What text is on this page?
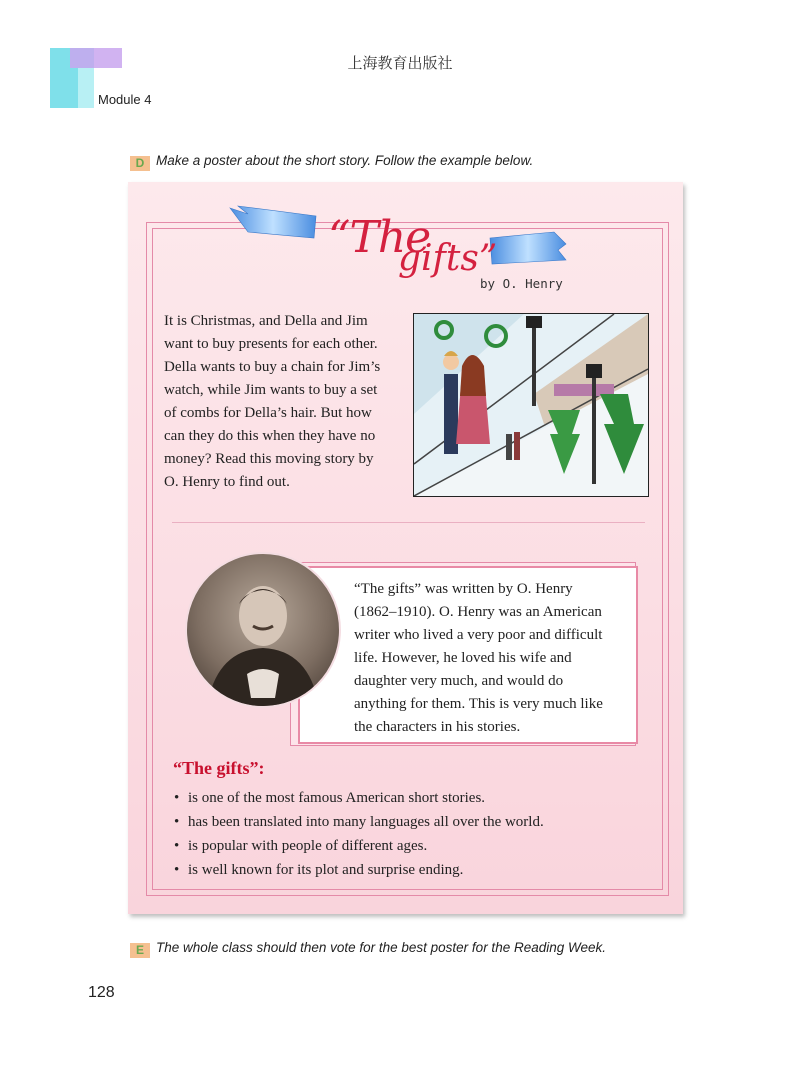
上海教育出版社
Module 4
D Make a poster about the short story. Follow the example below.
“The
gifts”
by O. Henry
It is Christmas, and Della and Jim
want to buy presents for each other.
Della wants to buy a chain for Jim’s
watch, while Jim wants to buy a set
of combs for Della’s hair. But how
can they do this when they have no
money? Read this moving story by
O. Henry to find out.
“The gifts” was written by O. Henry
(1862–1910). O. Henry was an American
writer who lived a very poor and difficult
life. However, he loved his wife and
daughter very much, and would do
anything for them. This is very much like
the characters in his stories.
“The gifts”:
• is one of the most famous American short stories.
• has been translated into many languages all over the world.
• is popular with people of different ages.
• is well known for its plot and surprise ending.
E The whole class should then vote for the best poster for the Reading Week.
128
